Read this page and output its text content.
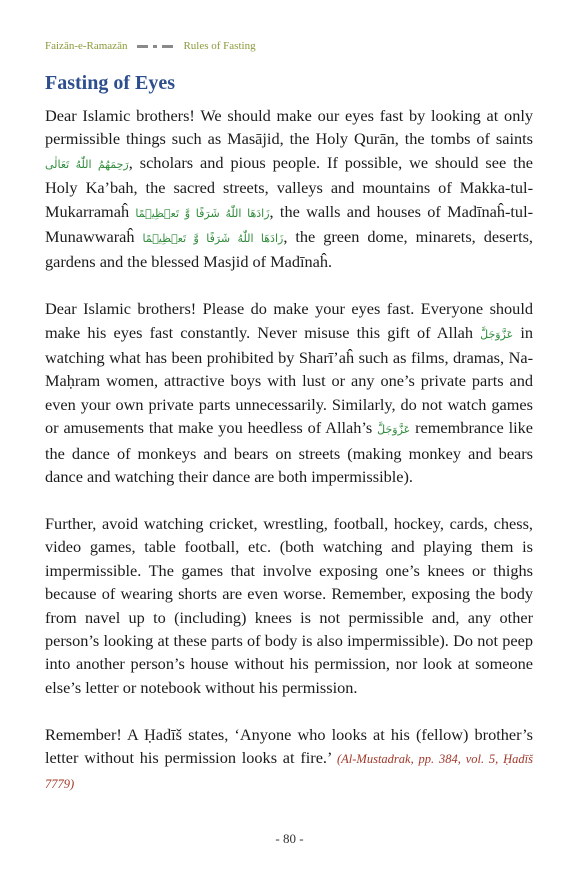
Faizān-e-Ramazān	Rules of Fasting
Fasting of Eyes

Dear Islamic brothers! We should make our eyes fast by looking at only permissible things such as Masājid, the Holy Qurān, the tombs of saints رَحِمَهُمُ اللّٰهُ تَعَالٰی, scholars and pious people. If possible, we should see the Holy Ka’bah, the sacred streets, valleys and mountains of Makka-tul-Mukarramaĥ زَادَهَا اللّٰهُ شَرَفًا وَّ تَعۡظِیۡمًا, the walls and houses of Madīnaĥ-tul-Munawwaraĥ زَادَهَا اللّٰهُ شَرَفًا وَّ تَعۡظِیۡمًا, the green dome, minarets, deserts, gardens and the blessed Masjid of Madīnaĥ.

Dear Islamic brothers! Please do make your eyes fast. Everyone should make his eyes fast constantly. Never misuse this gift of Allah عَزَّوَجَلَّ in watching what has been prohibited by Sharī’aĥ such as films, dramas, Na-Maḥram women, attractive boys with lust or any one’s private parts and even your own private parts unnecessarily. Similarly, do not watch games or amusements that make you heedless of Allah’s عَزَّوَجَلَّ remembrance like the dance of monkeys and bears on streets (making monkey and bears dance and watching their dance are both impermissible).

Further, avoid watching cricket, wrestling, football, hockey, cards, chess, video games, table football, etc. (both watching and playing them is impermissible. The games that involve exposing one’s knees or thighs because of wearing shorts are even worse. Remember, exposing the body from navel up to (including) knees is not permissible and, any other person’s looking at these parts of body is also impermissible). Do not peep into another person’s house without his permission, nor look at someone else’s letter or notebook without his permission.

Remember! A Ḥadīš states, ‘Anyone who looks at his (fellow) brother’s letter without his permission looks at fire.’ (Al-Mustadrak, pp. 384, vol. 5, Ḥadīš 7779)

- 80 -
